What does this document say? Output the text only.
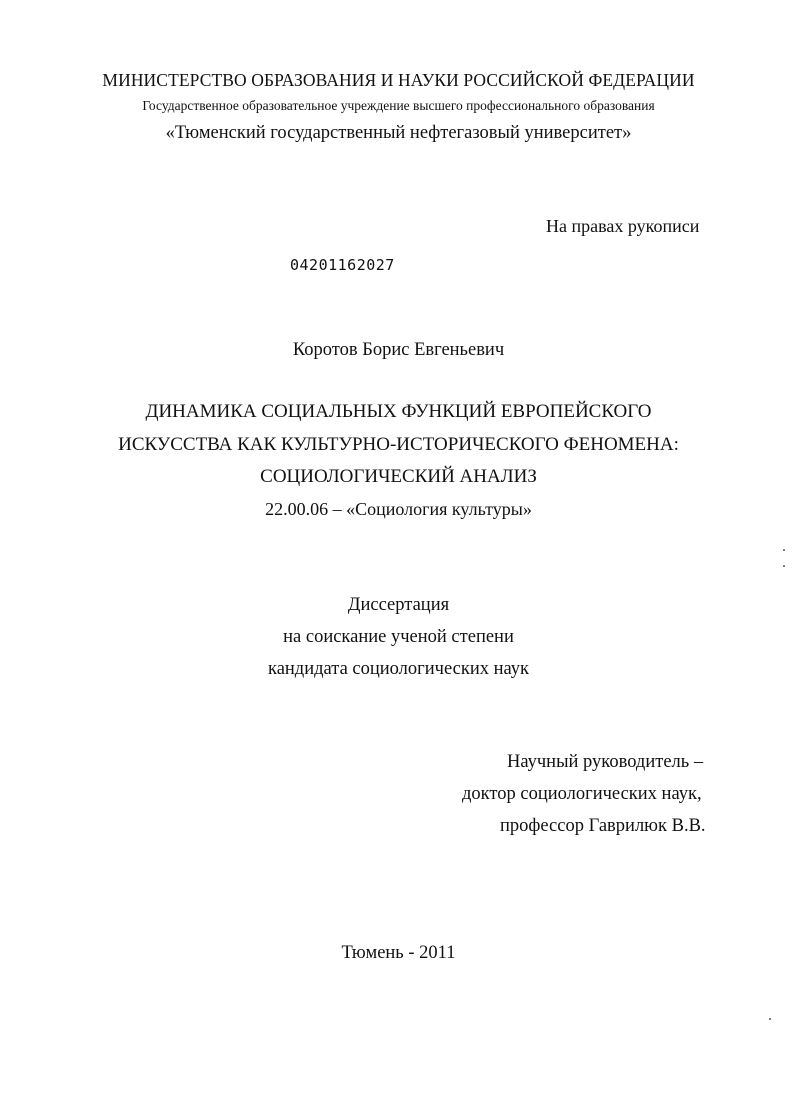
МИНИСТЕРСТВО ОБРАЗОВАНИЯ И НАУКИ РОССИЙСКОЙ ФЕДЕРАЦИИ
Государственное образовательное учреждение высшего профессионального образования
«Тюменский государственный нефтегазовый университет»
На правах рукописи
04201162027
Коротов Борис Евгеньевич
ДИНАМИКА СОЦИАЛЬНЫХ ФУНКЦИЙ ЕВРОПЕЙСКОГО
ИСКУССТВА КАК КУЛЬТУРНО-ИСТОРИЧЕСКОГО ФЕНОМЕНА:
СОЦИОЛОГИЧЕСКИЙ АНАЛИЗ
22.00.06 – «Социология культуры»
Диссертация
на соискание ученой степени
кандидата социологических наук
Научный руководитель –
доктор социологических наук,
профессор Гаврилюк В.В.
Тюмень - 2011
